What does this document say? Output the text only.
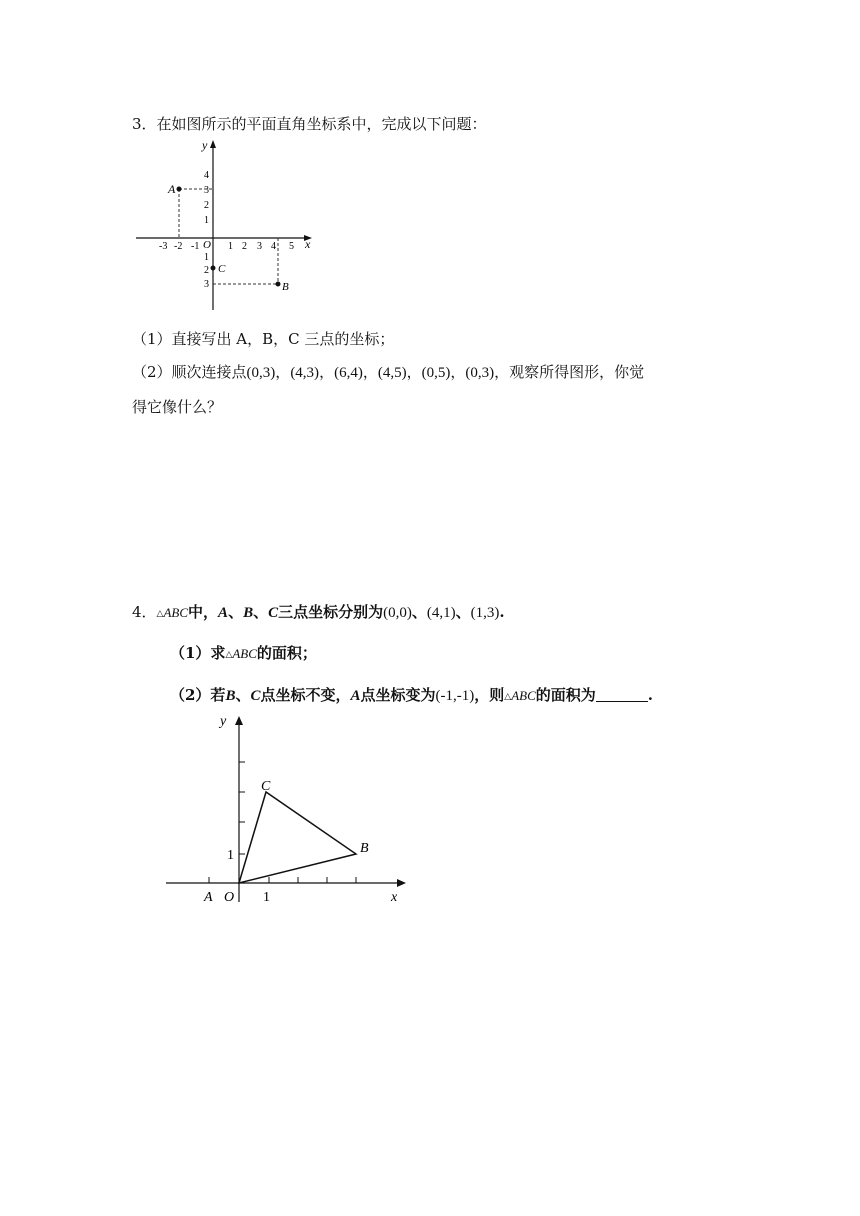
3．在如图所示的平面直角坐标系中，完成以下问题：
y
x
O
-3 -2 -1	1 2 3 4 5
4
3
2
1
1
2
3
A
B
C
（1）直接写出 A，B，C 三点的坐标；
（2）顺次连接点(0,3)，(4,3)，(6,4)，(4,5)，(0,5)，(0,3)，观察所得图形，你觉
得它像什么？
4．△ABC中，A、B、C三点坐标分别为(0,0)、(4,1)、(1,3).
（1）求△ABC的面积；
（2）若B、C点坐标不变，A点坐标变为(-1,-1)，则△ABC的面积为	.
y
x
C
B
O
A	1
1
